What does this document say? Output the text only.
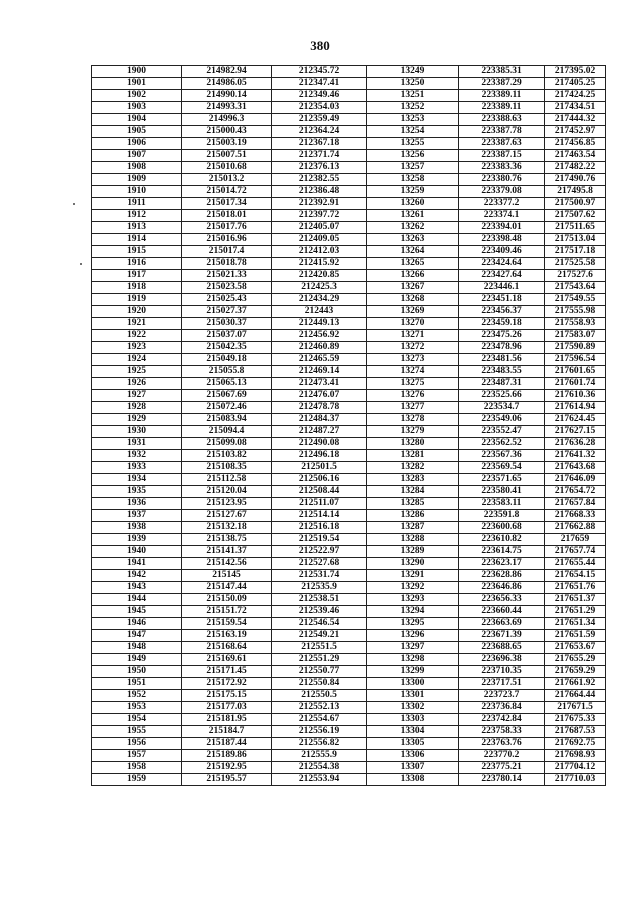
380
1900	214982.94	212345.72	13249	223385.31	217395.02
1901	214986.05	212347.41	13250	223387.29	217405.25
1902	214990.14	212349.46	13251	223389.11	217424.25
1903	214993.31	212354.03	13252	223389.11	217434.51
1904	214996.3	212359.49	13253	223388.63	217444.32
1905	215000.43	212364.24	13254	223387.78	217452.97
1906	215003.19	212367.18	13255	223387.63	217456.85
1907	215007.51	212371.74	13256	223387.15	217463.54
1908	215010.68	212376.13	13257	223383.36	217482.22
1909	215013.2	212382.55	13258	223380.76	217490.76
1910	215014.72	212386.48	13259	223379.08	217495.8
1911	215017.34	212392.91	13260	223377.2	217500.97
1912	215018.01	212397.72	13261	223374.1	217507.62
1913	215017.76	212405.07	13262	223394.01	217511.65
1914	215016.96	212409.05	13263	223398.48	217513.04
1915	215017.4	212412.03	13264	223409.46	217517.18
1916	215018.78	212415.92	13265	223424.64	217525.58
1917	215021.33	212420.85	13266	223427.64	217527.6
1918	215023.58	212425.3	13267	223446.1	217543.64
1919	215025.43	212434.29	13268	223451.18	217549.55
1920	215027.37	212443	13269	223456.37	217555.98
1921	215030.37	212449.13	13270	223459.18	217558.93
1922	215037.07	212456.92	13271	223475.26	217583.07
1923	215042.35	212460.89	13272	223478.96	217590.89
1924	215049.18	212465.59	13273	223481.56	217596.54
1925	215055.8	212469.14	13274	223483.55	217601.65
1926	215065.13	212473.41	13275	223487.31	217601.74
1927	215067.69	212476.07	13276	223525.66	217610.36
1928	215072.46	212478.78	13277	223534.7	217614.94
1929	215083.94	212484.37	13278	223549.06	217624.45
1930	215094.4	212487.27	13279	223552.47	217627.15
1931	215099.08	212490.08	13280	223562.52	217636.28
1932	215103.82	212496.18	13281	223567.36	217641.32
1933	215108.35	212501.5	13282	223569.54	217643.68
1934	215112.58	212506.16	13283	223571.65	217646.09
1935	215120.04	212508.44	13284	223580.41	217654.72
1936	215123.95	212511.07	13285	223583.11	217657.84
1937	215127.67	212514.14	13286	223591.8	217668.33
1938	215132.18	212516.18	13287	223600.68	217662.88
1939	215138.75	212519.54	13288	223610.82	217659
1940	215141.37	212522.97	13289	223614.75	217657.74
1941	215142.56	212527.68	13290	223623.17	217655.44
1942	215145	212531.74	13291	223628.86	217654.15
1943	215147.44	212535.9	13292	223646.86	217651.76
1944	215150.09	212538.51	13293	223656.33	217651.37
1945	215151.72	212539.46	13294	223660.44	217651.29
1946	215159.54	212546.54	13295	223663.69	217651.34
1947	215163.19	212549.21	13296	223671.39	217651.59
1948	215168.64	212551.5	13297	223688.65	217653.67
1949	215169.61	212551.29	13298	223696.38	217655.29
1950	215171.45	212550.77	13299	223710.35	217659.29
1951	215172.92	212550.84	13300	223717.51	217661.92
1952	215175.15	212550.5	13301	223723.7	217664.44
1953	215177.03	212552.13	13302	223736.84	217671.5
1954	215181.95	212554.67	13303	223742.84	217675.33
1955	215184.7	212556.19	13304	223758.33	217687.53
1956	215187.44	212556.82	13305	223763.76	217692.75
1957	215189.86	212555.9	13306	223770.2	217698.93
1958	215192.95	212554.38	13307	223775.21	217704.12
1959	215195.57	212553.94	13308	223780.14	217710.03
